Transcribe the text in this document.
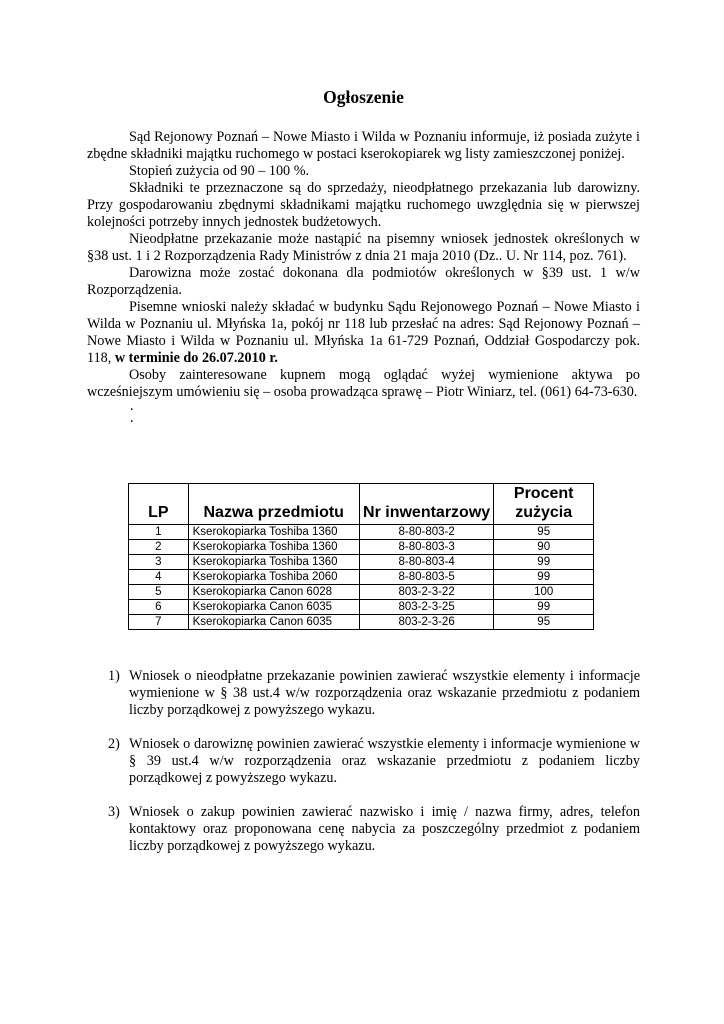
Ogłoszenie

Sąd Rejonowy Poznań – Nowe Miasto i Wilda w Poznaniu informuje, iż posiada zużyte i zbędne składniki majątku ruchomego w postaci kserokopiarek wg listy zamieszczonej poniżej.

Stopień zużycia od 90 – 100 %.

Składniki te przeznaczone są do sprzedaży, nieodpłatnego przekazania lub darowizny. Przy gospodarowaniu zbędnymi składnikami majątku ruchomego uwzględnia się w pierwszej kolejności potrzeby innych jednostek budżetowych.

Nieodpłatne przekazanie może nastąpić na pisemny wniosek jednostek określonych w §38 ust. 1 i 2 Rozporządzenia Rady Ministrów z dnia 21 maja 2010 (Dz.. U. Nr 114, poz. 761).

Darowizna może zostać dokonana dla podmiotów określonych w §39 ust. 1 w/w Rozporządzenia.

Pisemne wnioski należy składać w budynku Sądu Rejonowego Poznań – Nowe Miasto i Wilda w Poznaniu ul. Młyńska 1a, pokój nr 118 lub przesłać na adres: Sąd Rejonowy Poznań – Nowe Miasto i Wilda w Poznaniu ul. Młyńska 1a 61-729 Poznań, Oddział Gospodarczy pok. 118, w terminie do 26.07.2010 r.

Osoby zainteresowane kupnem mogą oglądać wyżej wymienione aktywa po wcześniejszym umówieniu się – osoba prowadząca sprawę – Piotr Winiarz, tel. (061) 64-73-630.

.

.

LP	Nazwa przedmiotu	Nr inwentarzowy	Procent zużycia
1	Kserokopiarka Toshiba 1360	8-80-803-2	95
2	Kserokopiarka Toshiba 1360	8-80-803-3	90
3	Kserokopiarka Toshiba 1360	8-80-803-4	99
4	Kserokopiarka Toshiba 2060	8-80-803-5	99
5	Kserokopiarka Canon 6028	803-2-3-22	100
6	Kserokopiarka Canon 6035	803-2-3-25	99
7	Kserokopiarka Canon 6035	803-2-3-26	95
1) Wniosek o nieodpłatne przekazanie powinien zawierać wszystkie elementy i informacje wymienione w § 38 ust.4 w/w rozporządzenia oraz wskazanie przedmiotu z podaniem liczby porządkowej z powyższego wykazu.
2) Wniosek o darowiznę powinien zawierać wszystkie elementy i informacje wymienione w § 39 ust.4 w/w rozporządzenia oraz wskazanie przedmiotu z podaniem liczby porządkowej z powyższego wykazu.
3) Wniosek o zakup powinien zawierać nazwisko i imię / nazwa firmy, adres, telefon kontaktowy oraz proponowana cenę nabycia za poszczególny przedmiot z podaniem liczby porządkowej z powyższego wykazu.
